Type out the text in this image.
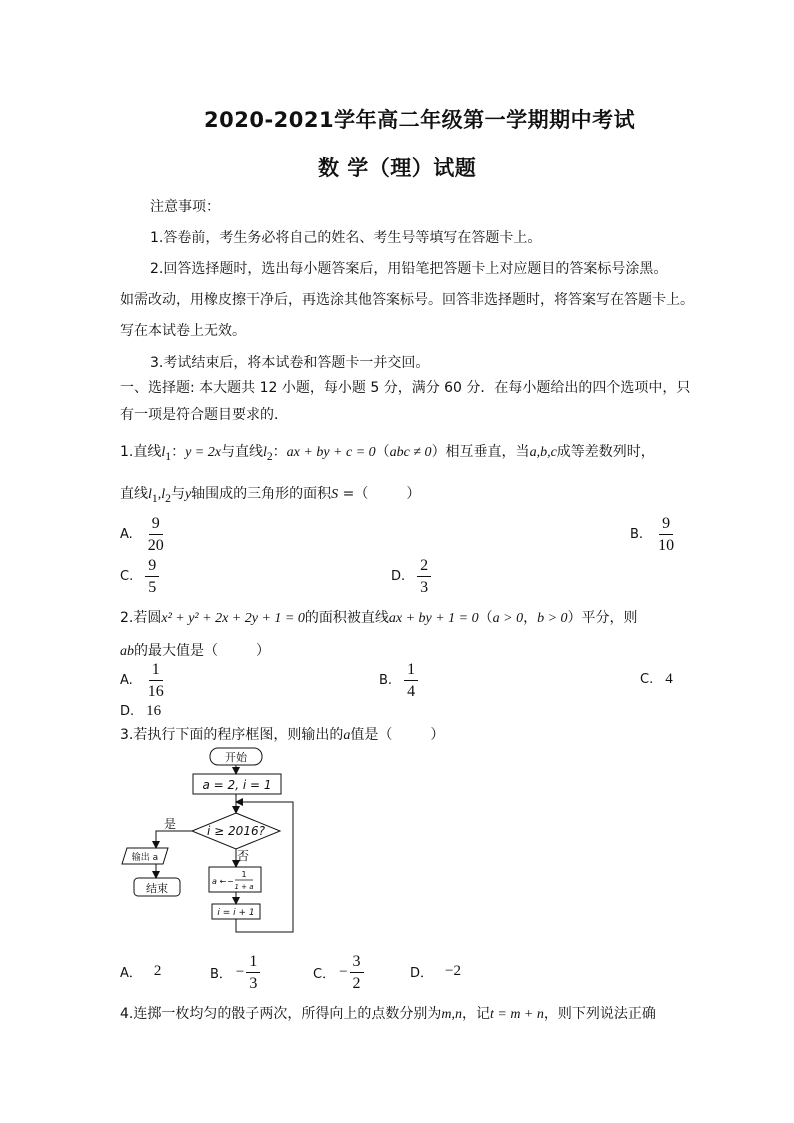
2020-2021学年高二年级第一学期期中考试
数 学（理）试题
注意事项：
1.答卷前，考生务必将自己的姓名、考生号等填写在答题卡上。
2.回答选择题时，选出每小题答案后，用铅笔把答题卡上对应题目的答案标号涂黑。
如需改动，用橡皮擦干净后，再选涂其他答案标号。回答非选择题时，将答案写在答题卡上。
写在本试卷上无效。
3.考试结束后，将本试卷和答题卡一并交回。
一、选择题: 本大题共 12 小题，每小题 5 分，满分 60 分．在每小题给出的四个选项中，只
有一项是符合题目要求的．
1.直线$l_1$：y = 2x与直线$l_2$：ax + by + c = 0（abc ≠ 0）相互垂直，当a,b,c成等差数列时，
直线$l_1,l_2$与y轴围成的三角形的面积S =（	）
A. $\frac{9}{20}$	B. $\frac{9}{10}$
C. $\frac{9}{5}$	D. $\frac{2}{3}$
2.若圆x² + y² + 2x + 2y + 1 = 0的面积被直线ax + by + 1 = 0（a > 0，b > 0）平分，则
ab的最大值是（	）
A. $\frac{1}{16}$	B. $\frac{1}{4}$	C. 4
D. 16
3.若执行下面的程序框图，则输出的a值是（	）
开始
a = 2, i = 1
i ≥ 2016?
是
否
输出 a
结束
a ← −
1
1 + a
i = i + 1
A． 2	B． − $\frac{1}{3}$	C． − $\frac{3}{2}$	D． −2
4.连掷一枚均匀的骰子两次，所得向上的点数分别为m,n，记t = m + n，则下列说法正确
